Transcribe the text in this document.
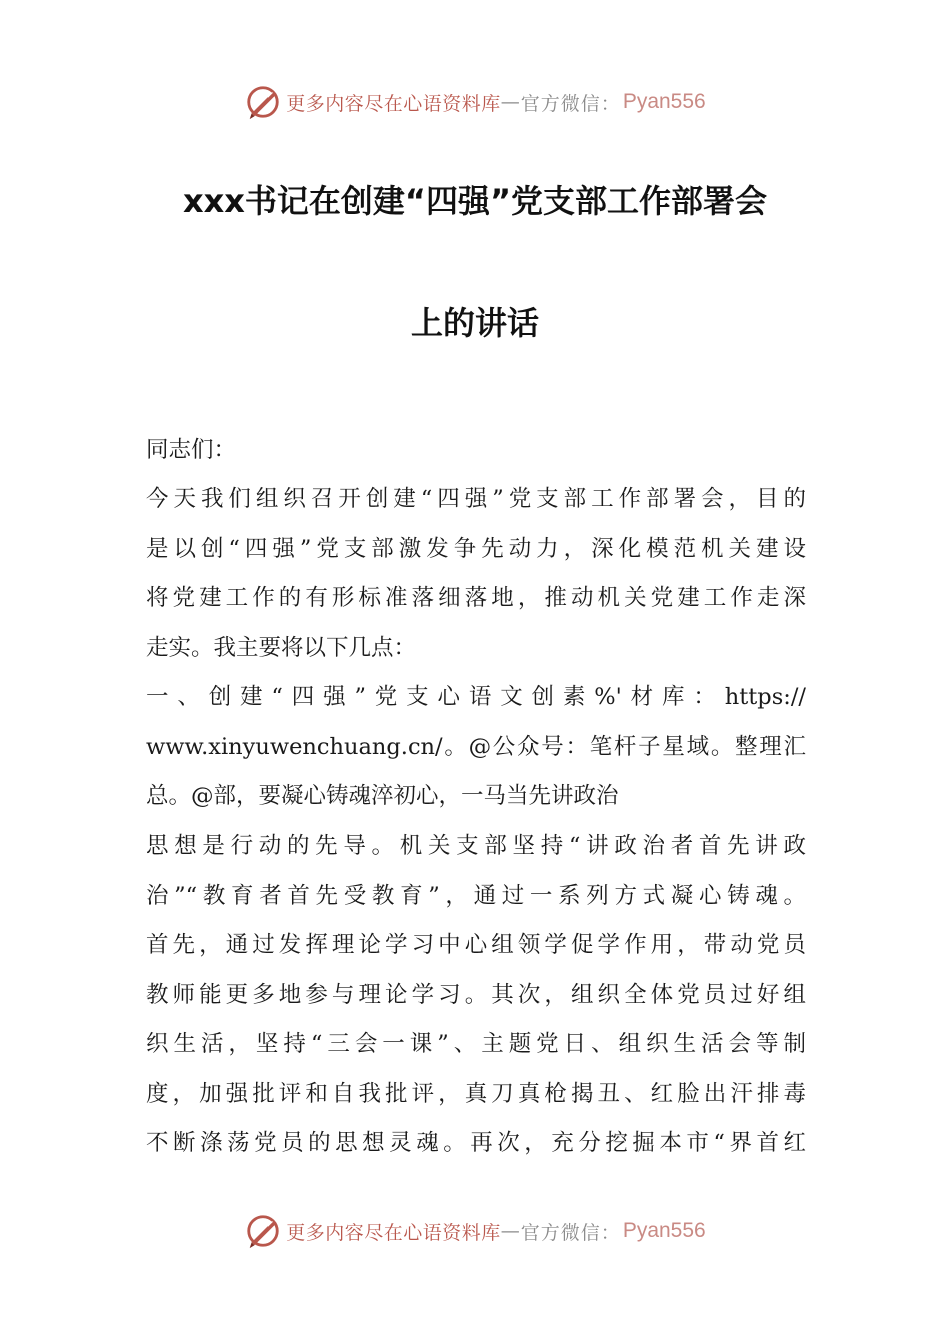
更多内容尽在心语资料库 — 官方微信： Pyan556
xxx书记在创建“四强”党支部工作部署会
上的讲话
同志们：
今天我们组织召开创建“四强”党支部工作部署会，目的
是以创“四强”党支部激发争先动力，深化模范机关建设
将党建工作的有形标准落细落地，推动机关党建工作走深
走实。我主要将以下几点：
一、创建“四强”党支心语文创素%'材库：https://
www.xinyuwenchuang.cn/。@公众号：笔杆子星域。整理汇
总。@部，要凝心铸魂淬初心，一马当先讲政治
思想是行动的先导。机关支部坚持“讲政治者首先讲政
治”“教育者首先受教育”，通过一系列方式凝心铸魂。
首先，通过发挥理论学习中心组领学促学作用，带动党员
教师能更多地参与理论学习。其次，组织全体党员过好组
织生活，坚持“三会一课”、主题党日、组织生活会等制
度，加强批评和自我批评，真刀真枪揭丑、红脸出汗排毒
不断涤荡党员的思想灵魂。再次，充分挖掘本市“界首红
更多内容尽在心语资料库 — 官方微信： Pyan556
